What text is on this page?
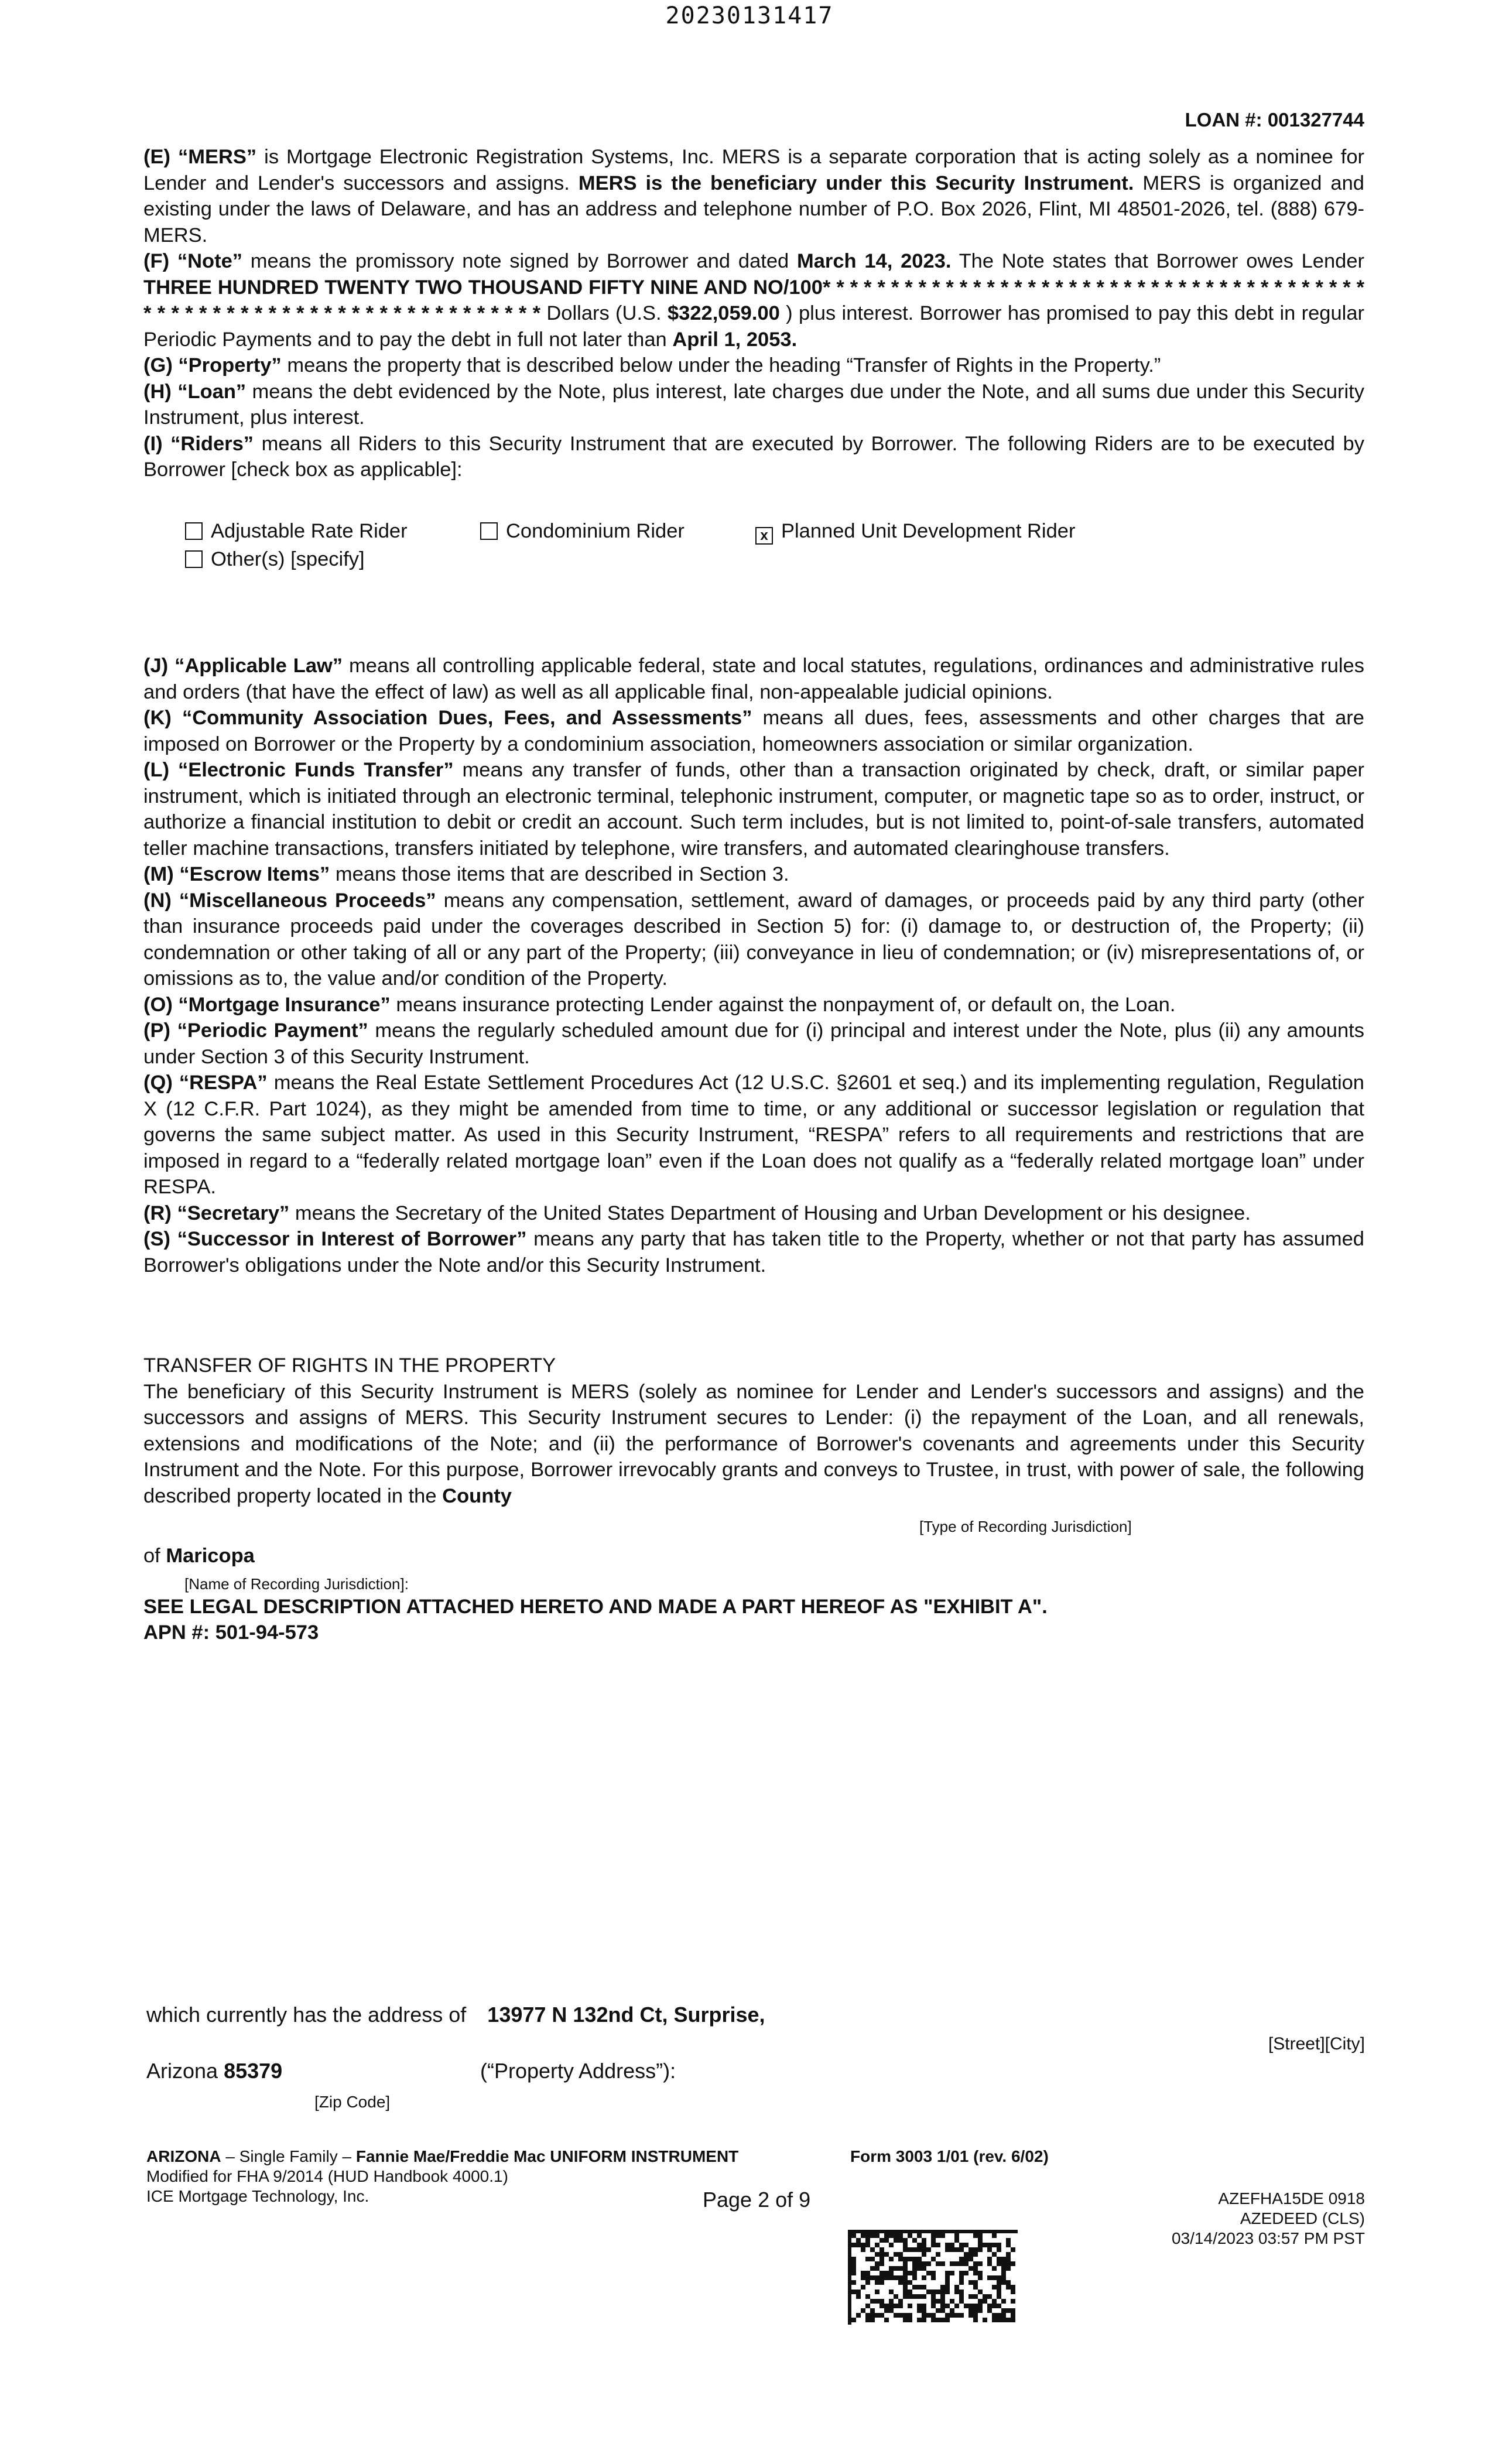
20230131417
LOAN #: 001327744

(E) “MERS” is Mortgage Electronic Registration Systems, Inc. MERS is a separate corporation that is acting solely as a nominee for Lender and Lender's successors and assigns. MERS is the beneficiary under this Security Instrument. MERS is organized and existing under the laws of Delaware, and has an address and telephone number of P.O. Box 2026, Flint, MI 48501-2026, tel. (888) 679-MERS.

(F) “Note” means the promissory note signed by Borrower and dated March 14, 2023. The Note states that Borrower owes Lender THREE HUNDRED TWENTY TWO THOUSAND FIFTY NINE AND NO/100* * * * * * * * * * * * * * * * * * * * * * * * * * * * * * * * * * * * * * * * * * * * * * * * * * * * * * * * * * * * * * * * * * * * * Dollars (U.S. $322,059.00 ) plus interest. Borrower has promised to pay this debt in regular Periodic Payments and to pay the debt in full not later than April 1, 2053.

(G) “Property” means the property that is described below under the heading “Transfer of Rights in the Property.”

(H) “Loan” means the debt evidenced by the Note, plus interest, late charges due under the Note, and all sums due under this Security Instrument, plus interest.

(I) “Riders” means all Riders to this Security Instrument that are executed by Borrower. The following Riders are to be executed by Borrower [check box as applicable]:

Adjustable Rate Rider	Condominium Rider	x Planned Unit Development Rider
Other(s) [specify]

(J) “Applicable Law” means all controlling applicable federal, state and local statutes, regulations, ordinances and administrative rules and orders (that have the effect of law) as well as all applicable final, non-appealable judicial opinions.

(K) “Community Association Dues, Fees, and Assessments” means all dues, fees, assessments and other charges that are imposed on Borrower or the Property by a condominium association, homeowners association or similar organization.

(L) “Electronic Funds Transfer” means any transfer of funds, other than a transaction originated by check, draft, or similar paper instrument, which is initiated through an electronic terminal, telephonic instrument, computer, or magnetic tape so as to order, instruct, or authorize a financial institution to debit or credit an account. Such term includes, but is not limited to, point-of-sale transfers, automated teller machine transactions, transfers initiated by telephone, wire transfers, and automated clearinghouse transfers.

(M) “Escrow Items” means those items that are described in Section 3.

(N) “Miscellaneous Proceeds” means any compensation, settlement, award of damages, or proceeds paid by any third party (other than insurance proceeds paid under the coverages described in Section 5) for: (i) damage to, or destruction of, the Property; (ii) condemnation or other taking of all or any part of the Property; (iii) conveyance in lieu of condemnation; or (iv) misrepresentations of, or omissions as to, the value and/or condition of the Property.

(O) “Mortgage Insurance” means insurance protecting Lender against the nonpayment of, or default on, the Loan.

(P) “Periodic Payment” means the regularly scheduled amount due for (i) principal and interest under the Note, plus (ii) any amounts under Section 3 of this Security Instrument.

(Q) “RESPA” means the Real Estate Settlement Procedures Act (12 U.S.C. §2601 et seq.) and its implementing regulation, Regulation X (12 C.F.R. Part 1024), as they might be amended from time to time, or any additional or successor legislation or regulation that governs the same subject matter. As used in this Security Instrument, “RESPA” refers to all requirements and restrictions that are imposed in regard to a “federally related mortgage loan” even if the Loan does not qualify as a “federally related mortgage loan” under RESPA.

(R) “Secretary” means the Secretary of the United States Department of Housing and Urban Development or his designee.

(S) “Successor in Interest of Borrower” means any party that has taken title to the Property, whether or not that party has assumed Borrower's obligations under the Note and/or this Security Instrument.

TRANSFER OF RIGHTS IN THE PROPERTY

The beneficiary of this Security Instrument is MERS (solely as nominee for Lender and Lender's successors and assigns) and the successors and assigns of MERS. This Security Instrument secures to Lender: (i) the repayment of the Loan, and all renewals, extensions and modifications of the Note; and (ii) the performance of Borrower's covenants and agreements under this Security Instrument and the Note. For this purpose, Borrower irrevocably grants and conveys to Trustee, in trust, with power of sale, the following described property located in the County

[Type of Recording Jurisdiction]
of Maricopa
[Name of Recording Jurisdiction]:
SEE LEGAL DESCRIPTION ATTACHED HERETO AND MADE A PART HEREOF AS "EXHIBIT A".
APN #: 501-94-573
which currently has the address of 13977 N 132nd Ct, Surprise,
[Street][City]
Arizona 85379	(“Property Address”):
[Zip Code]
ARIZONA – Single Family – Fannie Mae/Freddie Mac UNIFORM INSTRUMENT
Modified for FHA 9/2014 (HUD Handbook 4000.1)
ICE Mortgage Technology, Inc.
Form 3003 1/01 (rev. 6/02)
Page 2 of 9	AZEFHA15DE 0918
AZEDEED (CLS)
03/14/2023 03:57 PM PST
